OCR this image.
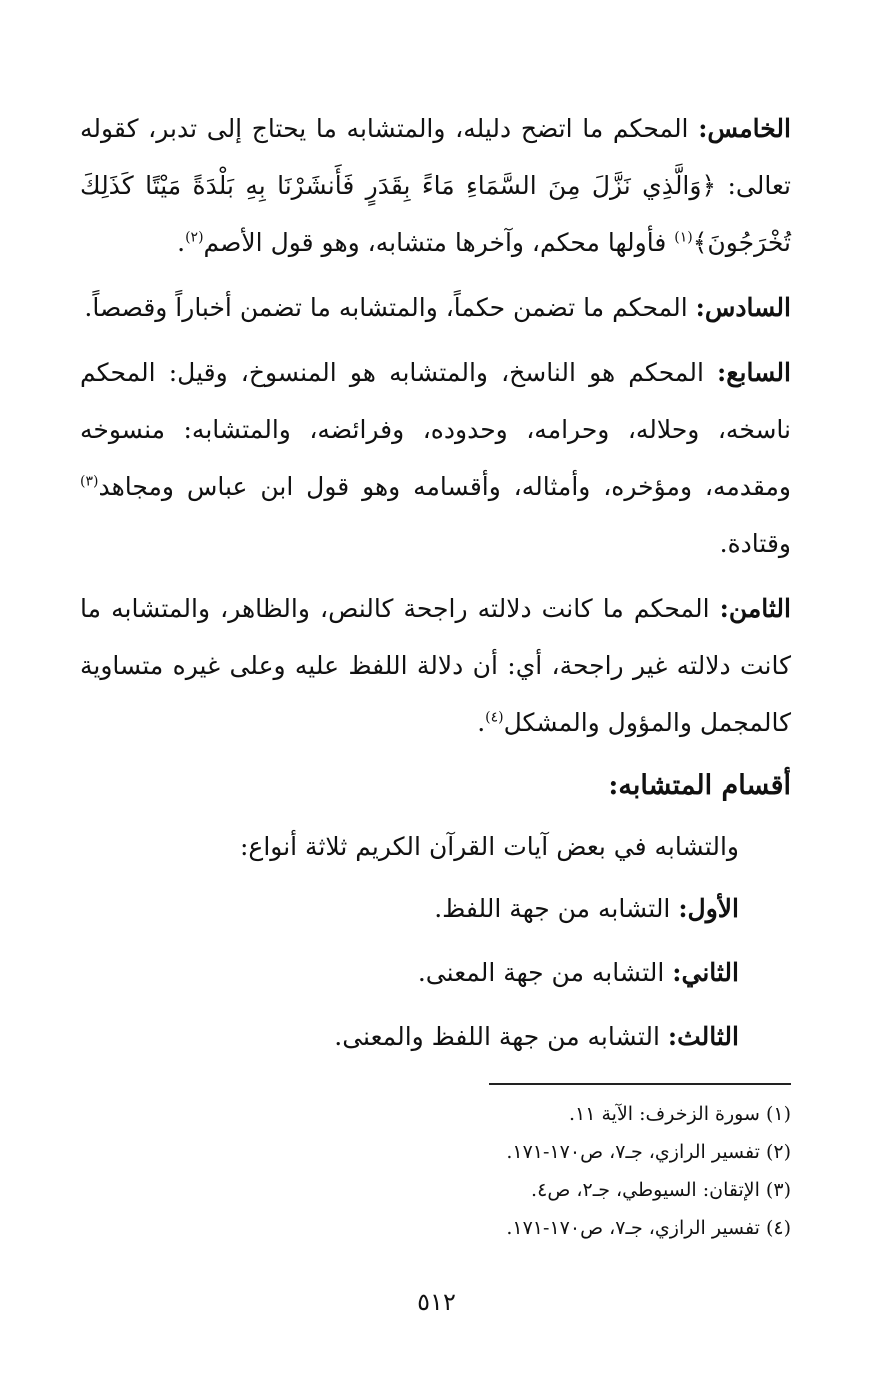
الخامس: المحكم ما اتضح دليله، والمتشابه ما يحتاج إلى تدبر، كقوله تعالى: ﴿وَالَّذِي نَزَّلَ مِنَ السَّمَاءِ مَاءً بِقَدَرٍ فَأَنشَرْنَا بِهِ بَلْدَةً مَيْتًا كَذَلِكَ تُخْرَجُونَ﴾$^{(١)}$ فأولها محكم، وآخرها متشابه، وهو قول الأصم$^{(٢)}$.

السادس: المحكم ما تضمن حكماً، والمتشابه ما تضمن أخباراً وقصصاً.

السابع: المحكم هو الناسخ، والمتشابه هو المنسوخ، وقيل: المحكم ناسخه، وحلاله، وحرامه، وحدوده، وفرائضه، والمتشابه: منسوخه ومقدمه، ومؤخره، وأمثاله، وأقسامه وهو قول ابن عباس ومجاهد$^{(٣)}$ وقتادة.

الثامن: المحكم ما كانت دلالته راجحة كالنص، والظاهر، والمتشابه ما كانت دلالته غير راجحة، أي: أن دلالة اللفظ عليه وعلى غيره متساوية كالمجمل والمؤول والمشكل$^{(٤)}$.

أقسام المتشابه:

والتشابه في بعض آيات القرآن الكريم ثلاثة أنواع:

الأول: التشابه من جهة اللفظ.

الثاني: التشابه من جهة المعنى.

الثالث: التشابه من جهة اللفظ والمعنى.

(١) سورة الزخرف: الآية ١١.

(٢) تفسير الرازي، جـ٧، ص١٧٠-١٧١.

(٣) الإتقان: السيوطي، جـ٢، ص٤.

(٤) تفسير الرازي، جـ٧، ص١٧٠-١٧١.

٥١٢
